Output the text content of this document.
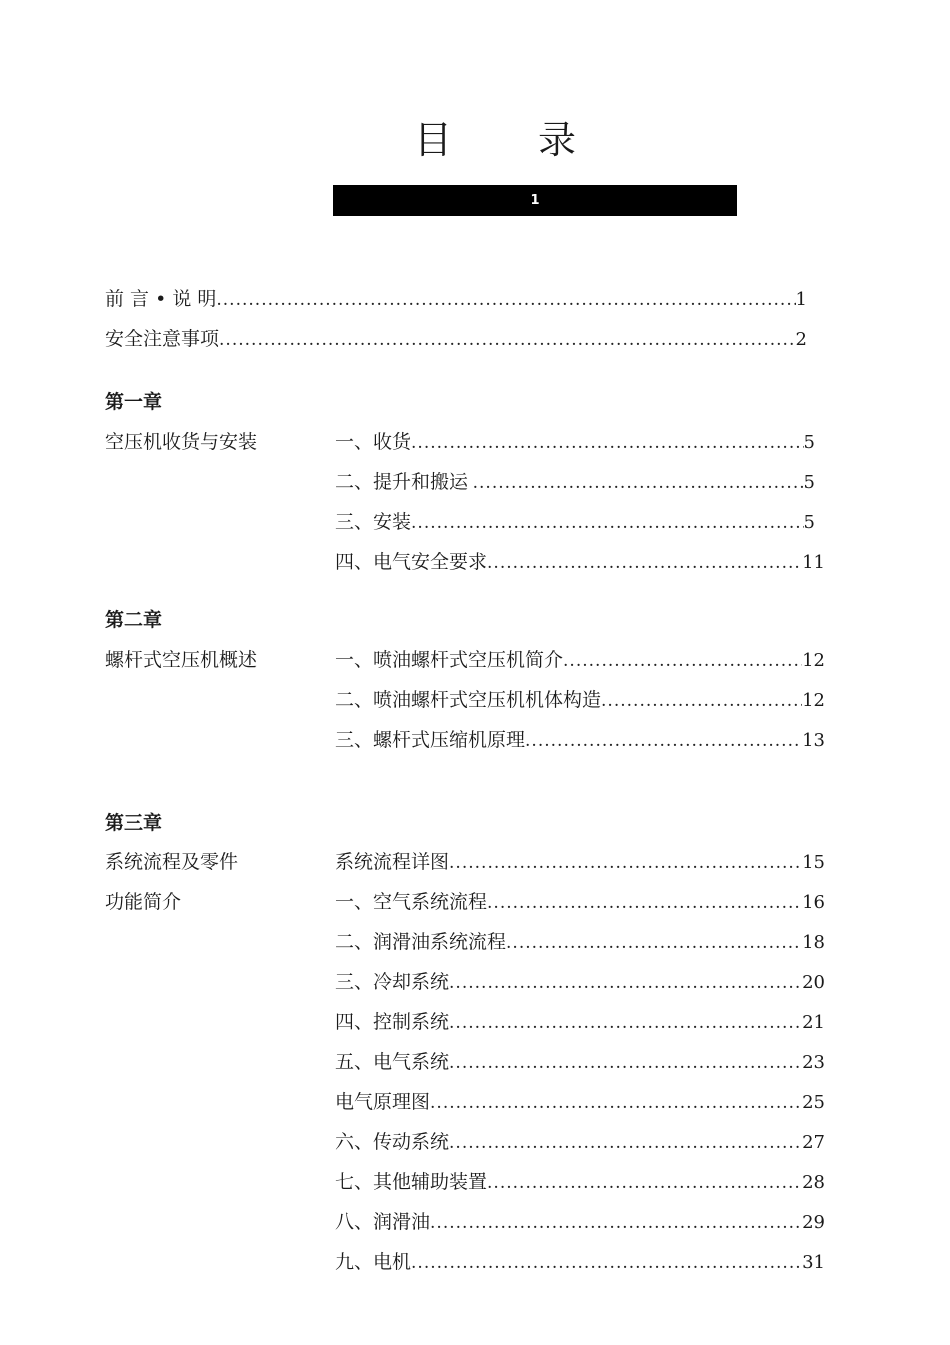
目 录
1
前 言 • 说 明 .....	1
安全注意事项 .....	2
第一章
空压机收货与安装	一、收货 .....	5
二、提升和搬运 .....	5
三、安装 .....	5
四、电气安全要求 .....	11
第二章
螺杆式空压机概述	一、喷油螺杆式空压机简介 .....	12
二、喷油螺杆式空压机机体构造 .....	12
三、螺杆式压缩机原理 .....	13
第三章
系统流程及零件
功能简介
系统流程详图 .....	15
一、空气系统流程 .....	16
二、润滑油系统流程 .....	18
三、冷却系统 .....	20
四、控制系统 .....	21
五、电气系统 .....	23
电气原理图 .....	25
六、传动系统 .....	27
七、其他辅助装置 .....	28
八、润滑油 .....	29
九、电机 .....	31
